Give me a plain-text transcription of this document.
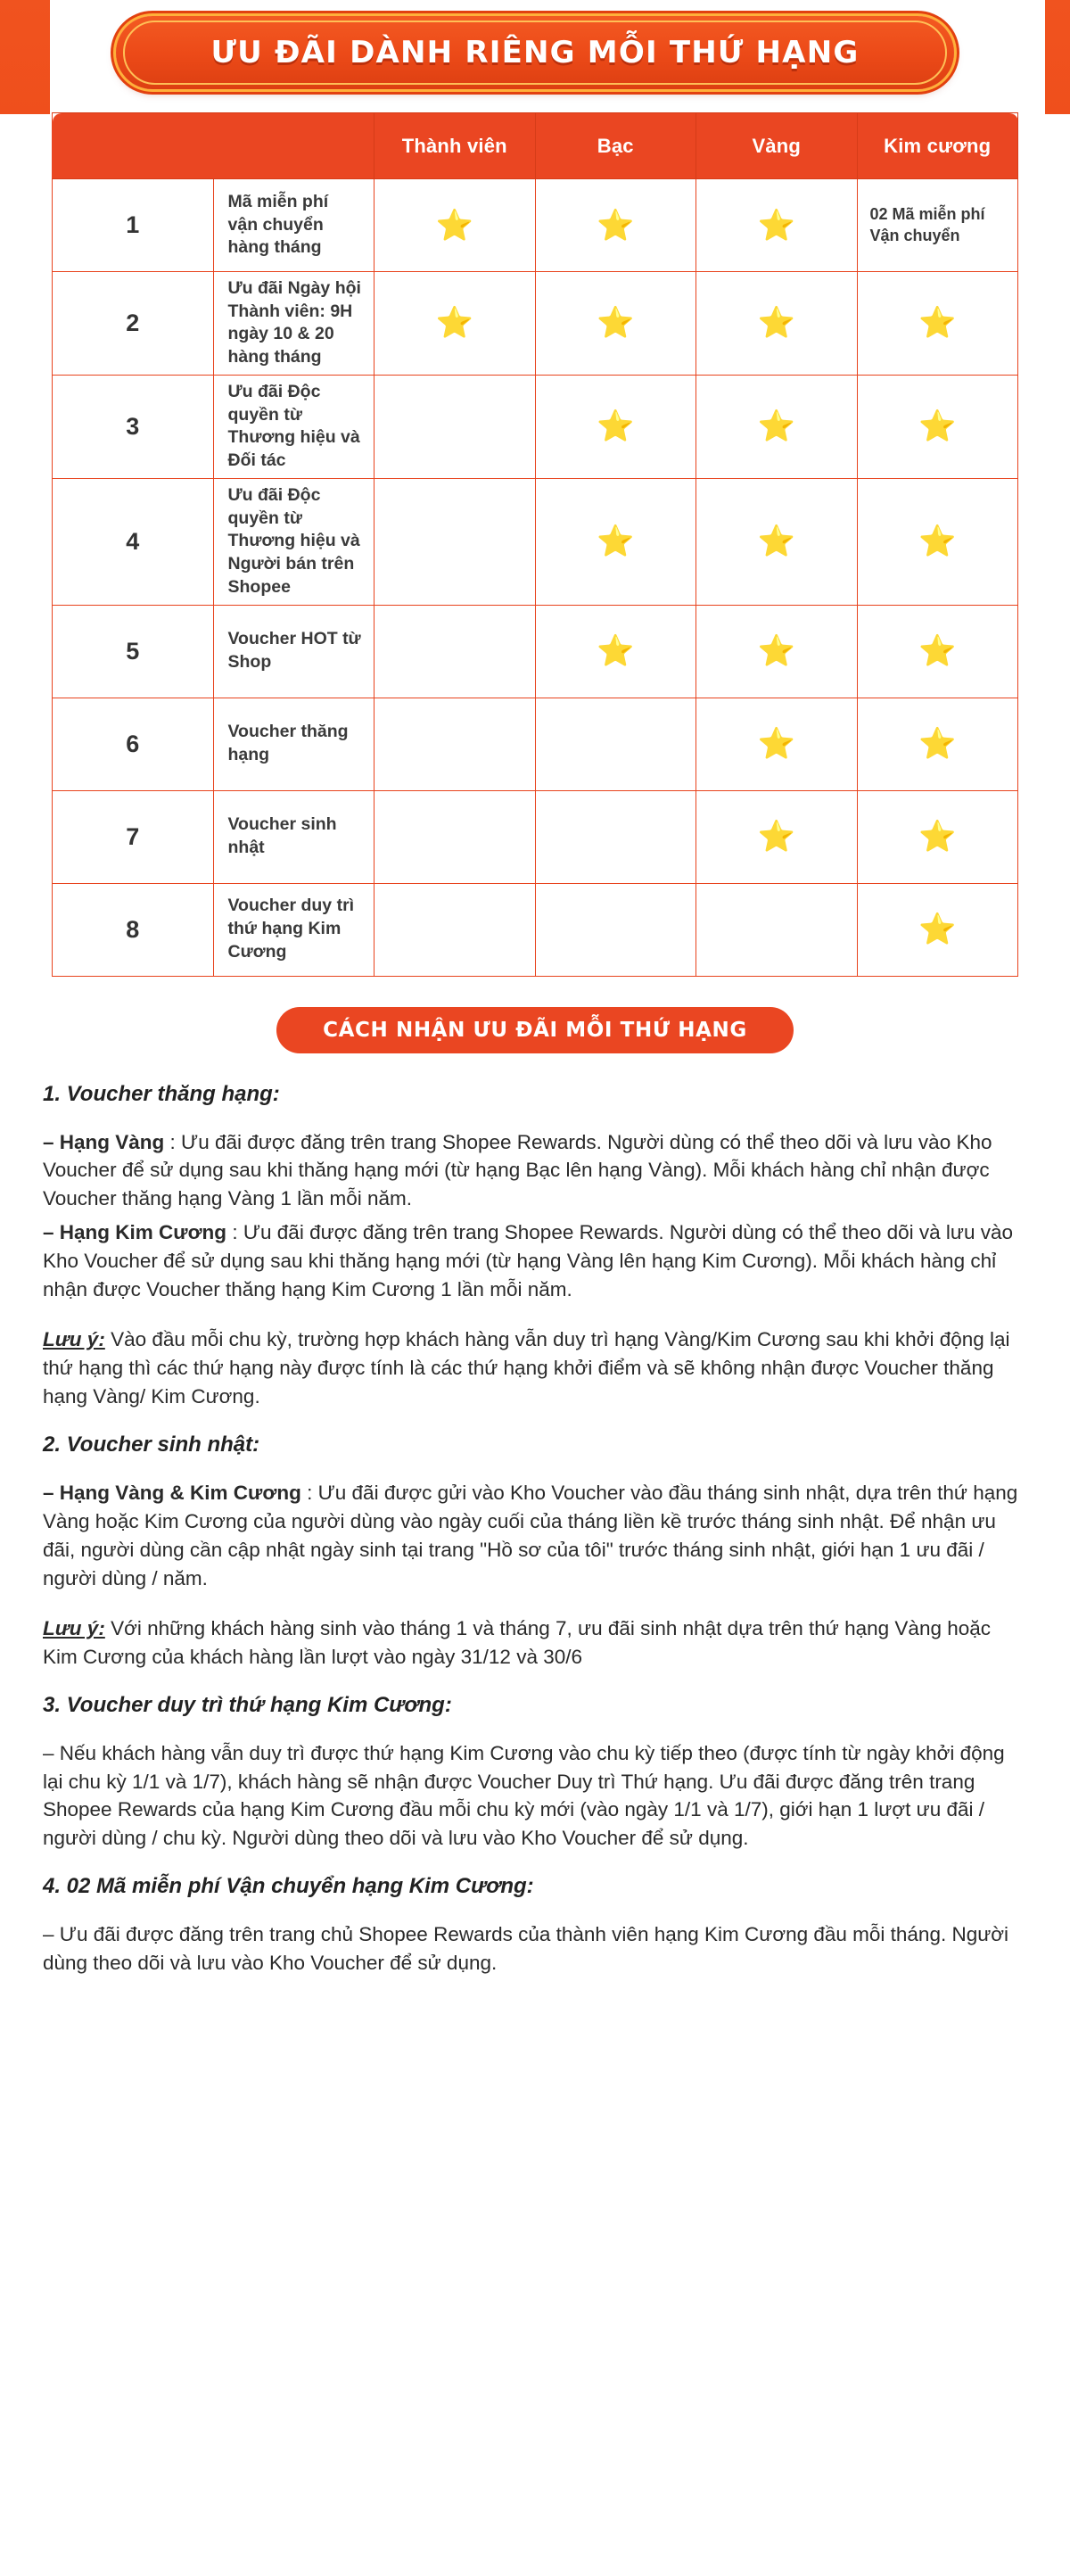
ƯU ĐÃI DÀNH RIÊNG MỖI THỨ HẠNG
		Thành viên	Bạc	Vàng	Kim cương
1	Mã miễn phí vận chuyển hàng tháng	⭐	⭐	⭐	02 Mã miễn phí Vận chuyển
2	Ưu đãi Ngày hội Thành viên: 9H ngày 10 & 20 hàng tháng	⭐	⭐	⭐	⭐
3	Ưu đãi Độc quyền từ Thương hiệu và Đối tác		⭐	⭐	⭐
4	Ưu đãi Độc quyền từ Thương hiệu và Người bán trên Shopee		⭐	⭐	⭐
5	Voucher HOT từ Shop		⭐	⭐	⭐
6	Voucher thăng hạng			⭐	⭐
7	Voucher sinh nhật			⭐	⭐
8	Voucher duy trì thứ hạng Kim Cương				⭐
CÁCH NHẬN ƯU ĐÃI MỖI THỨ HẠNG
1. Voucher thăng hạng:
– Hạng Vàng : Ưu đãi được đăng trên trang Shopee Rewards. Người dùng có thể theo dõi và lưu vào Kho Voucher để sử dụng sau khi thăng hạng mới (từ hạng Bạc lên hạng Vàng). Mỗi khách hàng chỉ nhận được Voucher thăng hạng Vàng 1 lần mỗi năm.
– Hạng Kim Cương : Ưu đãi được đăng trên trang Shopee Rewards. Người dùng có thể theo dõi và lưu vào Kho Voucher để sử dụng sau khi thăng hạng mới (từ hạng Vàng lên hạng Kim Cương). Mỗi khách hàng chỉ nhận được Voucher thăng hạng Kim Cương 1 lần mỗi năm.
Lưu ý: Vào đầu mỗi chu kỳ, trường hợp khách hàng vẫn duy trì hạng Vàng/Kim Cương sau khi khởi động lại thứ hạng thì các thứ hạng này được tính là các thứ hạng khởi điểm và sẽ không nhận được Voucher thăng hạng Vàng/ Kim Cương.
2. Voucher sinh nhật:
– Hạng Vàng & Kim Cương : Ưu đãi được gửi vào Kho Voucher vào đầu tháng sinh nhật, dựa trên thứ hạng Vàng hoặc Kim Cương của người dùng vào ngày cuối của tháng liền kề trước tháng sinh nhật. Để nhận ưu đãi, người dùng cần cập nhật ngày sinh tại trang "Hồ sơ của tôi" trước tháng sinh nhật, giới hạn 1 ưu đãi / người dùng / năm.
Lưu ý: Với những khách hàng sinh vào tháng 1 và tháng 7, ưu đãi sinh nhật dựa trên thứ hạng Vàng hoặc Kim Cương của khách hàng lần lượt vào ngày 31/12 và 30/6
3. Voucher duy trì thứ hạng Kim Cương:
– Nếu khách hàng vẫn duy trì được thứ hạng Kim Cương vào chu kỳ tiếp theo (được tính từ ngày khởi động lại chu kỳ 1/1 và 1/7), khách hàng sẽ nhận được Voucher Duy trì Thứ hạng. Ưu đãi được đăng trên trang Shopee Rewards của hạng Kim Cương đầu mỗi chu kỳ mới (vào ngày 1/1 và 1/7), giới hạn 1 lượt ưu đãi / người dùng / chu kỳ. Người dùng theo dõi và lưu vào Kho Voucher để sử dụng.
4. 02 Mã miễn phí Vận chuyển hạng Kim Cương:
– Ưu đãi được đăng trên trang chủ Shopee Rewards của thành viên hạng Kim Cương đầu mỗi tháng. Người dùng theo dõi và lưu vào Kho Voucher để sử dụng.
